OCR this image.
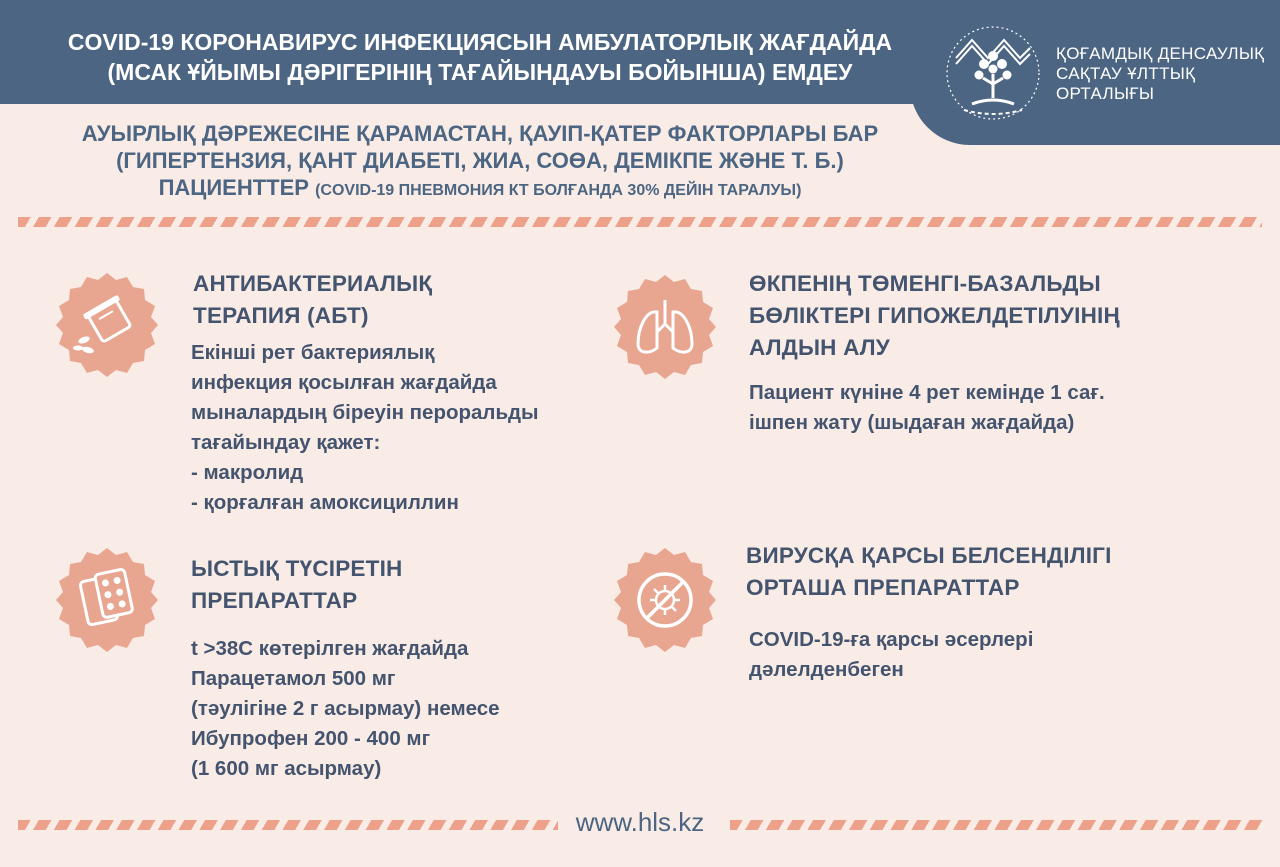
COVID-19 КОРОНАВИРУС ИНФЕКЦИЯСЫН АМБУЛАТОРЛЫҚ ЖАҒДАЙДА
(МСАК ҰЙЫМЫ ДӘРІГЕРІНІҢ ТАҒАЙЫНДАУЫ БОЙЫНША) ЕМДЕУ
ҚОҒАМДЫҚ ДЕНСАУЛЫҚ
САҚТАУ ҰЛТТЫҚ
ОРТАЛЫҒЫ
АУЫРЛЫҚ ДӘРЕЖЕСІНЕ ҚАРАМАСТАН, ҚАУІП-ҚАТЕР ФАКТОРЛАРЫ БАР
(ГИПЕРТЕНЗИЯ, ҚАНТ ДИАБЕТІ, ЖИА, СОӨА, ДЕМІКПЕ ЖӘНЕ Т. Б.)
ПАЦИЕНТТЕР (COVID-19 ПНЕВМОНИЯ КТ БОЛҒАНДА 30% ДЕЙІН ТАРАЛУЫ)
АНТИБАКТЕРИАЛЫҚ
ТЕРАПИЯ (АБТ)
Екінші рет бактериялық
инфекция қосылған жағдайда
мыналардың біреуін пероральды
тағайындау қажет:
- макролид
- қорғалған амоксициллин
ӨКПЕНІҢ ТӨМЕНГІ-БАЗАЛЬДЫ
БӨЛІКТЕРІ ГИПОЖЕЛДЕТІЛУІНІҢ
АЛДЫН АЛУ
Пациент күніне 4 рет кемінде 1 сағ.
ішпен жату (шыдаған жағдайда)
ЫСТЫҚ ТҮСІРЕТІН
ПРЕПАРАТТАР
t >38C көтерілген жағдайда
Парацетамол 500 мг
(тәулігіне 2 г асырмау) немесе
Ибупрофен 200 - 400 мг
(1 600 мг асырмау)
ВИРУСҚА ҚАРСЫ БЕЛСЕНДІЛІГІ
ОРТАША ПРЕПАРАТТАР
COVID-19-ға қарсы әсерлері
дәлелденбеген
www.hls.kz
